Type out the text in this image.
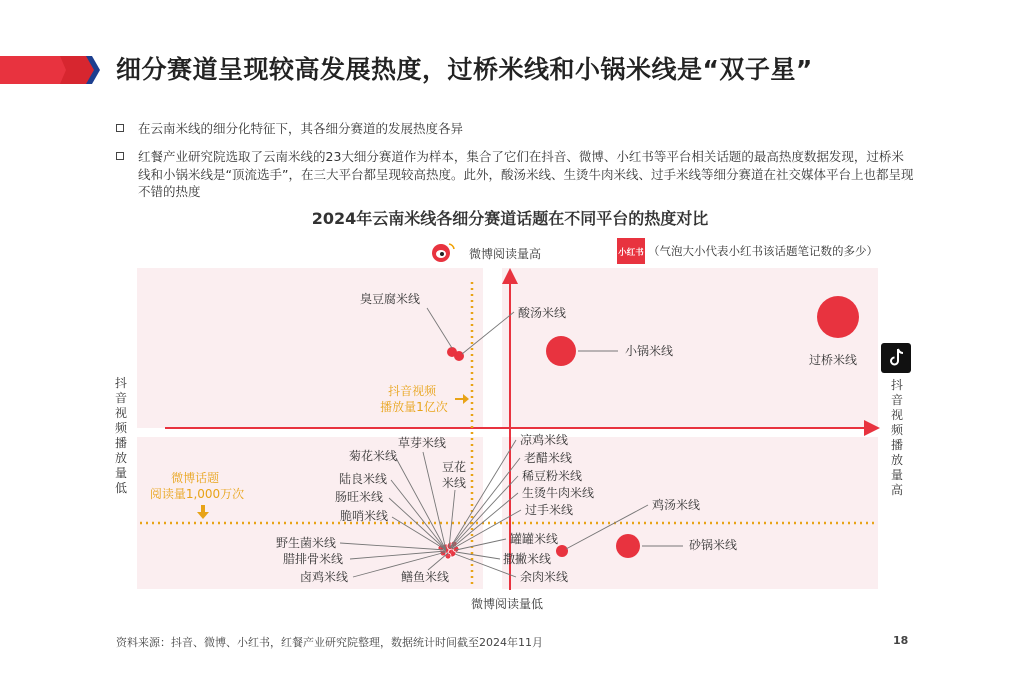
细分赛道呈现较高发展热度，过桥米线和小锅米线是“双子星”
在云南米线的细分化特征下，其各细分赛道的发展热度各异
红餐产业研究院选取了云南米线的23大细分赛道作为样本，集合了它们在抖音、微博、小红书等平台相关话题的最高热度数据发现，过桥米线和小锅米线是“顶流选手”，在三大平台都呈现较高热度。此外，酸汤米线、生烫牛肉米线、过手米线等细分赛道在社交媒体平台上也都呈现不错的热度
2024年云南米线各细分赛道话题在不同平台的热度对比
抖音视频 播放量1亿次
微博话题 阅读量1,000万次
微博阅读量高
微博阅读量低
抖音视频播放量低
抖音视频播放量高
小红书 （气泡大小代表小红书该话题笔记数的多少）
过桥米线
小锅米线
酸汤米线
臭豆腐米线
砂锅米线
鸡汤米线
草芽米线
菊花米线
豆花米线
陆良米线
肠旺米线
脆哨米线
野生菌米线
腊排骨米线
卤鸡米线	鳝鱼米线
凉鸡米线
老醋米线
稀豆粉米线
生烫牛肉米线
过手米线
罐罐米线
撒撇米线
余肉米线
资料来源：抖音、微博、小红书，红餐产业研究院整理，数据统计时间截至2024年11月	18
